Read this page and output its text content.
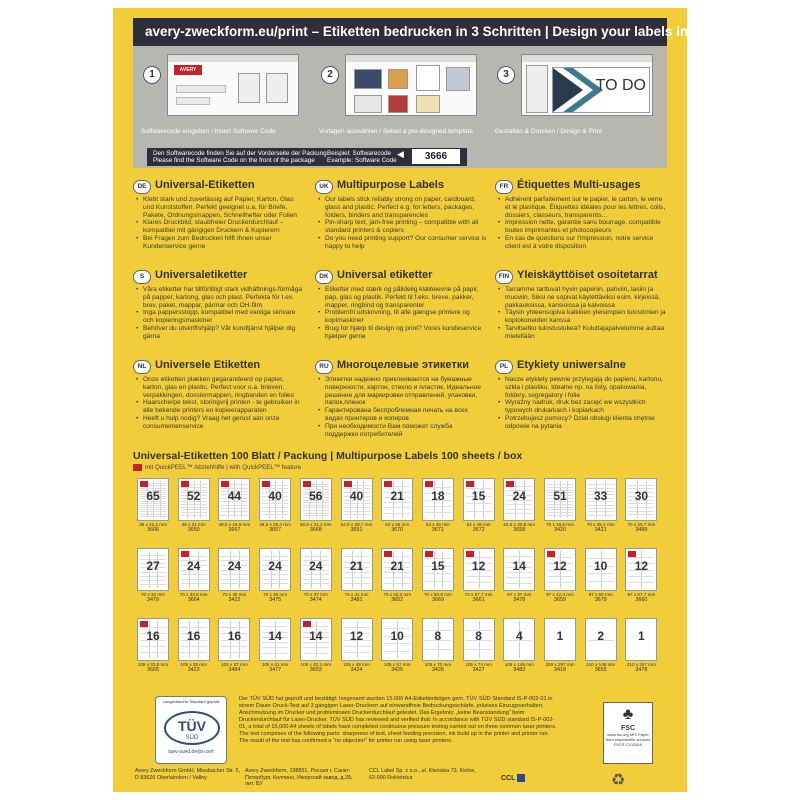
avery-zweckform.eu/print – Etiketten bedrucken in 3 Schritten | Design your labels in 3 steps
1	AVERY
Softwarecode eingeben / Insert Software Code
2
Vorlagen auswählen / Select a pre-designed template
3
TO DO
Gestalten & Drucken / Design & Print
Den Softwarecode finden Sie auf der Vorderseite der Packung
Please find the Software Code on the front of the package
Beispiel: Softwarecode
Example: Software Code
◀	3666
DE Universal-Etiketten
• Klebt stark und zuverlässig auf Papier, Karton, Glas und Kunststoffen. Perfekt geeignet u.a. für Briefe, Pakete, Ordnungsmappen, Schnellhefter oder Folien
• Klares Druckbild, staubfreier Druckerdurchlauf – kompatibel mit gängigen Druckern & Kopierern
• Bei Fragen zum Bedrucken hilft Ihnen unser Kundenservice gerne
UK Multipurpose Labels
• Our labels stick reliably strong on paper, cardboard, glass and plastic. Perfect e.g. for letters, packages, folders, binders and transparencies
• Pin-sharp text, jam-free printing – compatible with all standard printers & copiers
• Do you need printing support? Our consumer service is happy to help
FR Étiquettes Multi-usages
• Adhérent parfaitement sur le papier, le carton, le verre et le plastique. Étiquettes idéales pour les lettres, colis, dossiers, classeurs, transparents…
• Impression nette, garantie sans bourrage, compatible toutes imprimantes et photocopieurs
• En cas de questions sur l'impression, notre service client est à votre disposition
S Universaletiketter
• Våra etiketter har tillförlitligt stark vidhäftnings-förmåga på papper, kartong, glas och plast. Perfekta för t.ex. brev, paket, mappar, pärmar och OH-film
• Inga pappersstopp, kompatibel med vanliga skrivare och kopieringsmaskiner
• Behöver du utskriftshjälp? Vår kundtjänst hjälper dig gärna
DK Universal etiketter
• Etiketter med stærk og pålidelig klæbeevne på papir, pap, glas og plastik. Perfekt til f.eks. breve, pakker, mapper, ringbind og transparenter
• Problemfri udskrivning, til alle gængse printere og kopimaskiner
• Brug for hjælp til design og print? Vores kundeservice hjælper gerne
FIN Yleiskäyttöiset osoitetarrat
• Tarramme tarttuvat hyvin paperiin, pahviin, lasiin ja muoviin. Siksi ne sopivat käytettäviksi esim. kirjeissä, pakkauksissa, kansioissa ja kalvoissa
• Täysin yhteensopiva kaikkien yleisimpien tulostimien ja kopiokoneiden kanssa
• Tarvitsetko tulostustukea? Kuluttajapalvelumme auttaa mielellään
NL Universele Etiketten
• Onze etiketten plakken gegarandeerd op papier, karton, glas en plastic. Perfect voor o.a. brieven, verpakkingen, dossiermappen, ringbanden en folies
• Haarscherpe tekst, storingvrij printen - te gebruiken in alle bekende printers en kopieerapparaten
• Heeft u hulp nodig? Vraag het gerust aan onze consumentenservice
RU Многоцелевые этикетки
• Этикетки надежно приклеиваются на бумажные поверхности, картон, стекло и пластик. Идеальное решение для маркировки отправлений, упаковки, папок,пленок
• Гарантирована беспроблемная печать на всех видах принтеров и копиров
• При необходимости Вам поможет служба поддержки потребителей
PL Etykiety uniwersalne
• Nasze etykiety pewnie przylegają do papieru, kartonu, szkła i plastiku. Idealne np. na listy, opakowania, foldery, segregatory i folie
• Wyraźny nadruk, druk bez zacięć we wszystkich typowych drukarkach i kopiarkach
• Potrzebujesz pomocy? Dział obsługi klienta chętnie odpowie na pytania
Universal-Etiketten 100 Blatt / Packung | Multipurpose Labels 100 sheets / box
mit QuickPEEL™ Abziehhilfe | with QuickPEEL™ feature
65
38 x 21,2 mm
3666
52
48 x 21 mm
3650
44
48,5 x 16,9 mm
3667
40
48,5 x 25,4 mm
3657
56
52,5 x 21,2 mm
3668
40
52,5 x 29,7 mm
3651
21
64 x 36 mm
3670
18
64 x 45 mm
3671
15
64 x 48 mm
3672
24
64,6 x 33,8 mm
3658
51
70 x 16,9 mm
3420
33
70 x 25,4 mm
3421
30
70 x 29,7 mm
3489
27
70 x 32 mm
3479
24
70 x 33,8 mm
3664
24
70 x 35 mm
3422
24
70 x 36 mm
3475
24
70 x 37 mm
3474
21
70 x 41 mm
3481
21
70 x 42,3 mm
3652
15
70 x 50,8 mm
3669
12
70 x 67,7 mm
3661
14
97 x 37 mm
3478
12
97 x 42,3 mm
3659
10
97 x 55 mm
3679
12
97 x 67,7 mm
3660
16
105 x 33,8 mm
3665
16
105 x 35 mm
3423
16
105 x 37 mm
3484
14
105 x 41 mm
3477
14
105 x 42,3 mm
3653
12
105 x 48 mm
3424
10
105 x 57 mm
3425
8
105 x 70 mm
3426
8
105 x 74 mm
3427
4
105 x 148 mm
3483
1
200 x 297 mm
3418
2
210 x 148 mm
3655
1
210 x 297 mm
3478
Langzeitarchiv Standard geprüft
TÜV
SÜD
tuev-sued.de/ps-zert
Der TÜV SÜD hat geprüft und bestätigt: Insgesamt wurden 15.000 A4-Etikettenbögen gem. TÜV SÜD Standard IS-P-002-01 in einem Dauer-Druck-Test auf 3 gängigen Laser-Druckern auf einwandfreie Bedruckungsschärfe, präzises Einzugsverhalten, Anschmutzung im Drucker und problemlosen Druckerdurchlauf getestet. Das Ergebnis: „keine Beanstandung“ beim Druckerdurchlauf für Laser-Drucker. TÜV SÜD has reviewed and verified that: In accordance with TÜV SÜD standard IS-P-002-01, a total of 15,000 A4 sheets of labels have completed continuous pressure testing carried out on three common laser printers. The test comprises of the following parts: sharpness of text, sheet feeding precision, ink build up in the printer and printer run. The result of the test has confirmed a "no objection" for printer run using laser printers.
♣
FSC
www.fsc.org MIX Paper from responsible sources FSC® C013519
Avery Zweckform GmbH, Miesbacher Str. 5, D 83626 Oberlaindern / Valley
Avery Zweckform, 198851, Россия г. Санкт-Петербург, Колпино, Ижорский завод, д.39, лит. БУ
CCL Label Sp. z o.o., ul. Kleniska 73, Kielce, 62-090 Rokietnica	CCL	♻
